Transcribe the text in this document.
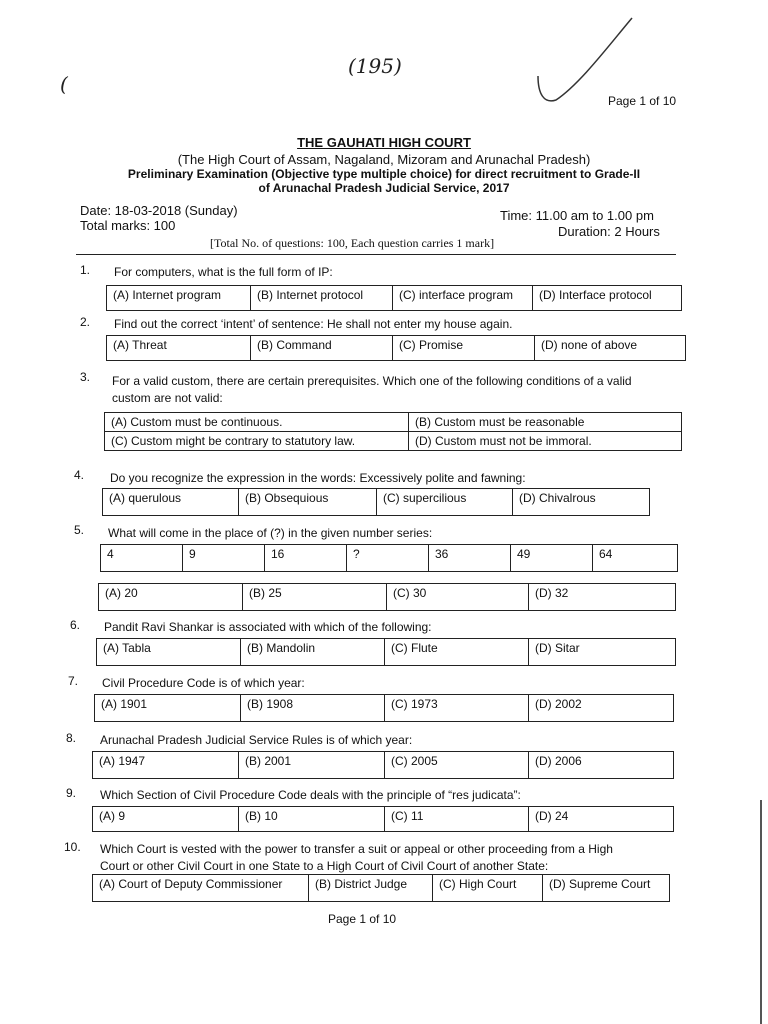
(195)
(
Page 1 of 10
THE GAUHATI HIGH COURT
(The High Court of Assam, Nagaland, Mizoram and Arunachal Pradesh)
Preliminary Examination (Objective type multiple choice) for direct recruitment to Grade-II
of Arunachal Pradesh Judicial Service, 2017
Date: 18-03-2018 (Sunday)
Total marks: 100
Time: 11.00 am to 1.00 pm
Duration: 2 Hours
[Total No. of questions: 100, Each question carries 1 mark]
1. For computers, what is the full form of IP:
(A) Internet program	(B) Internet protocol	(C) interface program	(D) Interface protocol
2. Find out the correct ‘intent’ of sentence: He shall not enter my house again.
(A) Threat	(B) Command	(C) Promise	(D) none of above
3. For a valid custom, there are certain prerequisites. Which one of the following conditions of a valid
custom are not valid:
(A) Custom must be continuous.	(B) Custom must be reasonable
(C) Custom might be contrary to statutory law.	(D) Custom must not be immoral.
4. Do you recognize the expression in the words: Excessively polite and fawning:
(A) querulous	(B) Obsequious	(C) supercilious	(D) Chivalrous
5. What will come in the place of (?) in the given number series:
4	9	16	?	36	49	64
(A) 20	(B) 25	(C) 30	(D) 32
6. Pandit Ravi Shankar is associated with which of the following:
(A) Tabla	(B) Mandolin	(C) Flute	(D) Sitar
7. Civil Procedure Code is of which year:
(A) 1901	(B) 1908	(C) 1973	(D) 2002
8. Arunachal Pradesh Judicial Service Rules is of which year:
(A) 1947	(B) 2001	(C) 2005	(D) 2006
9. Which Section of Civil Procedure Code deals with the principle of “res judicata”:
(A) 9	(B) 10	(C) 11	(D) 24
10. Which Court is vested with the power to transfer a suit or appeal or other proceeding from a High
Court or other Civil Court in one State to a High Court of Civil Court of another State:
(A) Court of Deputy Commissioner	(B) District Judge	(C) High Court	(D) Supreme Court
Page 1 of 10
